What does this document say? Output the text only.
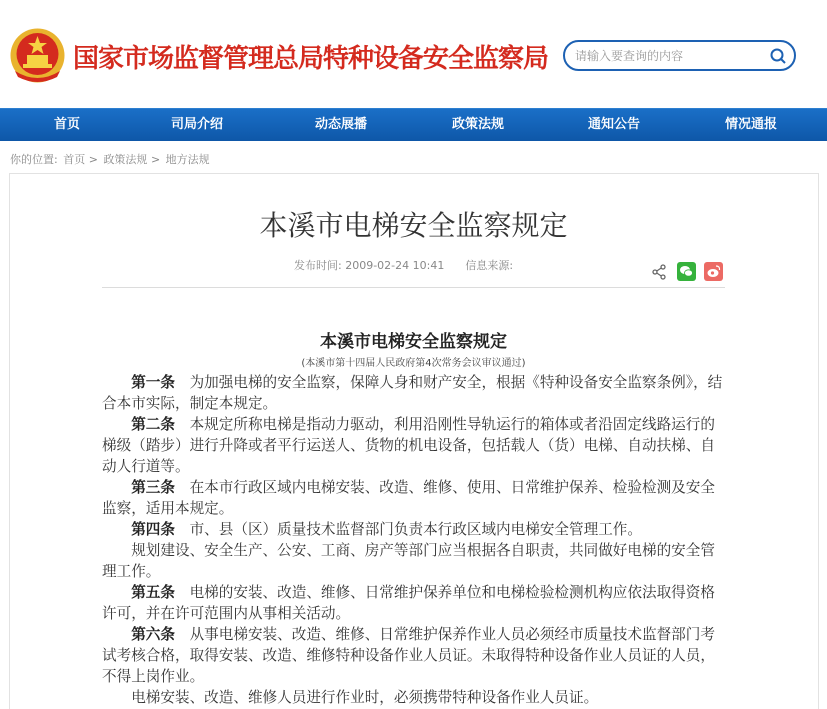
国家市场监督管理总局特种设备安全监察局
请输入要查询的内容
首页	司局介绍	动态展播	政策法规	通知公告	情况通报
你的位置: 首页 > 政策法规 > 地方法规
本溪市电梯安全监察规定
发布时间: 2009-02-24 10:41 信息来源:
本溪市电梯安全监察规定
(本溪市第十四届人民政府第4次常务会议审议通过)

第一条　为加强电梯的安全监察，保障人身和财产安全，根据《特种设备安全监察条例》，结合本市实际，制定本规定。

第二条　本规定所称电梯是指动力驱动，利用沿刚性导轨运行的箱体或者沿固定线路运行的梯级（踏步）进行升降或者平行运送人、货物的机电设备，包括载人（货）电梯、自动扶梯、自动人行道等。

第三条　在本市行政区域内电梯安装、改造、维修、使用、日常维护保养、检验检测及安全监察，适用本规定。

第四条　市、县（区）质量技术监督部门负责本行政区域内电梯安全管理工作。

规划建设、安全生产、公安、工商、房产等部门应当根据各自职责，共同做好电梯的安全管理工作。

第五条　电梯的安装、改造、维修、日常维护保养单位和电梯检验检测机构应依法取得资格许可，并在许可范围内从事相关活动。

第六条　从事电梯安装、改造、维修、日常维护保养作业人员必须经市质量技术监督部门考试考核合格，取得安装、改造、维修特种设备作业人员证。未取得特种设备作业人员证的人员，不得上岗作业。

电梯安装、改造、维修人员进行作业时，必须携带特种设备作业人员证。
